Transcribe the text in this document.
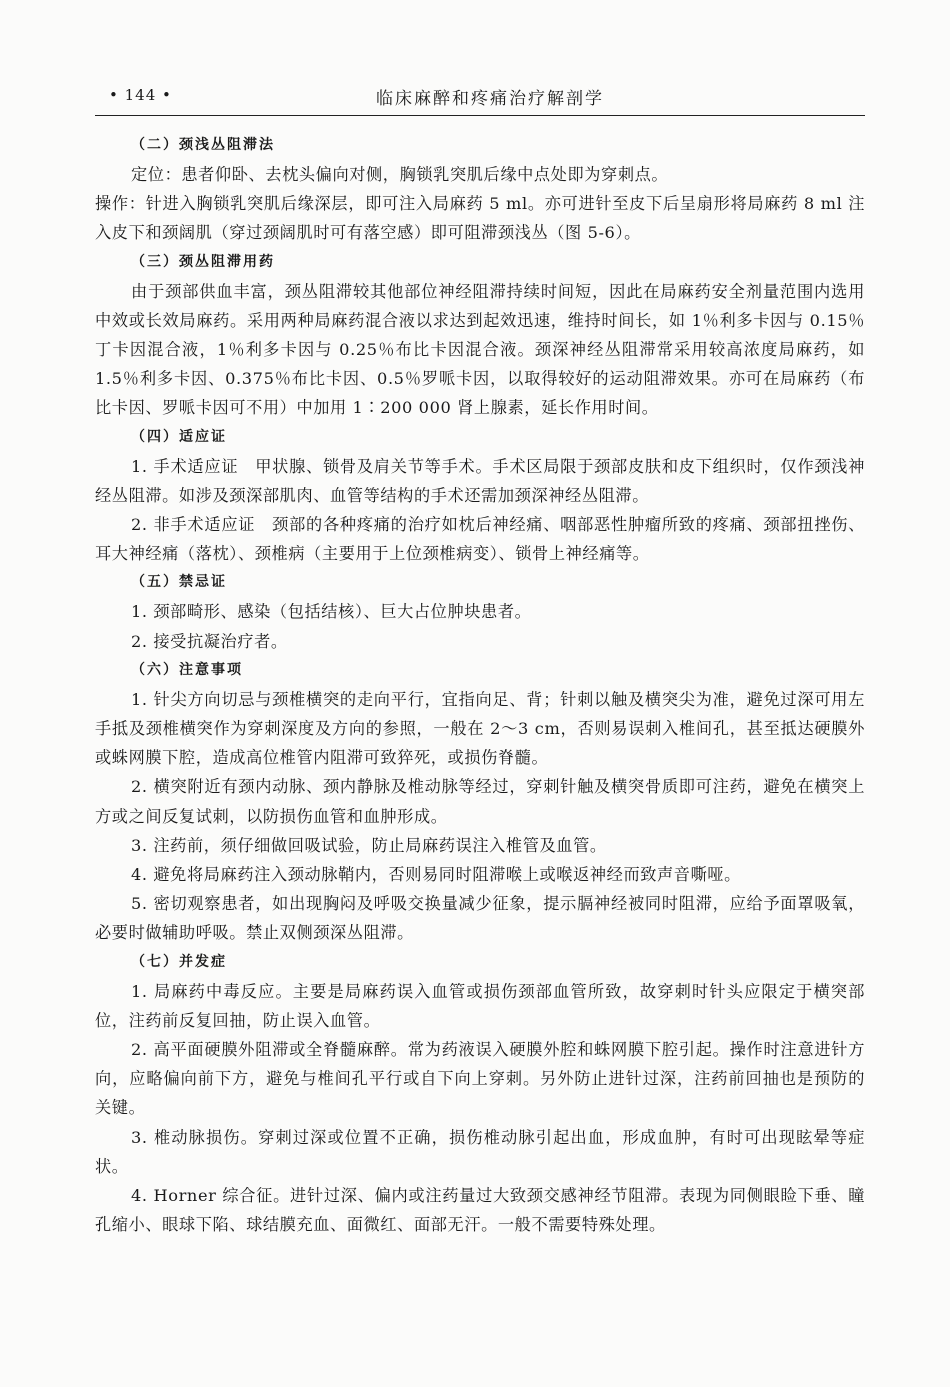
• 144 •	临床麻醉和疼痛治疗解剖学
（二）颈浅丛阻滞法

定位：患者仰卧、去枕头偏向对侧，胸锁乳突肌后缘中点处即为穿刺点。

操作：针进入胸锁乳突肌后缘深层，即可注入局麻药 5 ml。亦可进针至皮下后呈扇形将局麻药 8 ml 注入皮下和颈阔肌（穿过颈阔肌时可有落空感）即可阻滞颈浅丛（图 5-6）。

（三）颈丛阻滞用药

由于颈部供血丰富，颈丛阻滞较其他部位神经阻滞持续时间短，因此在局麻药安全剂量范围内选用中效或长效局麻药。采用两种局麻药混合液以求达到起效迅速，维持时间长，如 1％利多卡因与 0.15％丁卡因混合液，1％利多卡因与 0.25％布比卡因混合液。颈深神经丛阻滞常采用较高浓度局麻药，如 1.5％利多卡因、0.375％布比卡因、0.5％罗哌卡因，以取得较好的运动阻滞效果。亦可在局麻药（布比卡因、罗哌卡因可不用）中加用 1∶200 000 肾上腺素，延长作用时间。

（四）适应证

1. 手术适应证　甲状腺、锁骨及肩关节等手术。手术区局限于颈部皮肤和皮下组织时，仅作颈浅神经丛阻滞。如涉及颈深部肌肉、血管等结构的手术还需加颈深神经丛阻滞。

2. 非手术适应证　颈部的各种疼痛的治疗如枕后神经痛、咽部恶性肿瘤所致的疼痛、颈部扭挫伤、耳大神经痛（落枕）、颈椎病（主要用于上位颈椎病变）、锁骨上神经痛等。

（五）禁忌证

1. 颈部畸形、感染（包括结核）、巨大占位肿块患者。

2. 接受抗凝治疗者。

（六）注意事项

1. 针尖方向切忌与颈椎横突的走向平行，宜指向足、背；针刺以触及横突尖为准，避免过深可用左手抵及颈椎横突作为穿刺深度及方向的参照，一般在 2～3 cm，否则易误刺入椎间孔，甚至抵达硬膜外或蛛网膜下腔，造成高位椎管内阻滞可致猝死，或损伤脊髓。

2. 横突附近有颈内动脉、颈内静脉及椎动脉等经过，穿刺针触及横突骨质即可注药，避免在横突上方或之间反复试刺，以防损伤血管和血肿形成。

3. 注药前，须仔细做回吸试验，防止局麻药误注入椎管及血管。

4. 避免将局麻药注入颈动脉鞘内，否则易同时阻滞喉上或喉返神经而致声音嘶哑。

5. 密切观察患者，如出现胸闷及呼吸交换量减少征象，提示膈神经被同时阻滞，应给予面罩吸氧，必要时做辅助呼吸。禁止双侧颈深丛阻滞。

（七）并发症

1. 局麻药中毒反应。主要是局麻药误入血管或损伤颈部血管所致，故穿刺时针头应限定于横突部位，注药前反复回抽，防止误入血管。

2. 高平面硬膜外阻滞或全脊髓麻醉。常为药液误入硬膜外腔和蛛网膜下腔引起。操作时注意进针方向，应略偏向前下方，避免与椎间孔平行或自下向上穿刺。另外防止进针过深，注药前回抽也是预防的关键。

3. 椎动脉损伤。穿刺过深或位置不正确，损伤椎动脉引起出血，形成血肿，有时可出现眩晕等症状。

4. Horner 综合征。进针过深、偏内或注药量过大致颈交感神经节阻滞。表现为同侧眼睑下垂、瞳孔缩小、眼球下陷、球结膜充血、面微红、面部无汗。一般不需要特殊处理。
